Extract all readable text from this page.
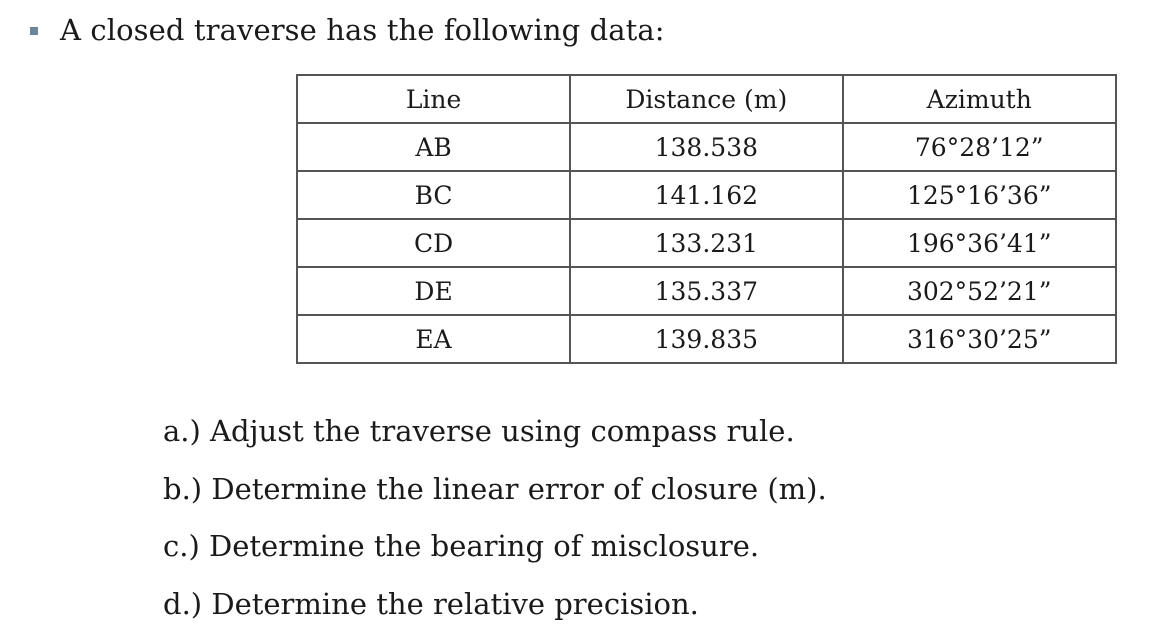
A closed traverse has the following data:
Line	Distance (m)	Azimuth
AB	138.538	76°28’12”
BC	141.162	125°16’36”
CD	133.231	196°36’41”
DE	135.337	302°52’21”
EA	139.835	316°30’25”
a.) Adjust the traverse using compass rule.
b.) Determine the linear error of closure (m).
c.) Determine the bearing of misclosure.
d.) Determine the relative precision.
